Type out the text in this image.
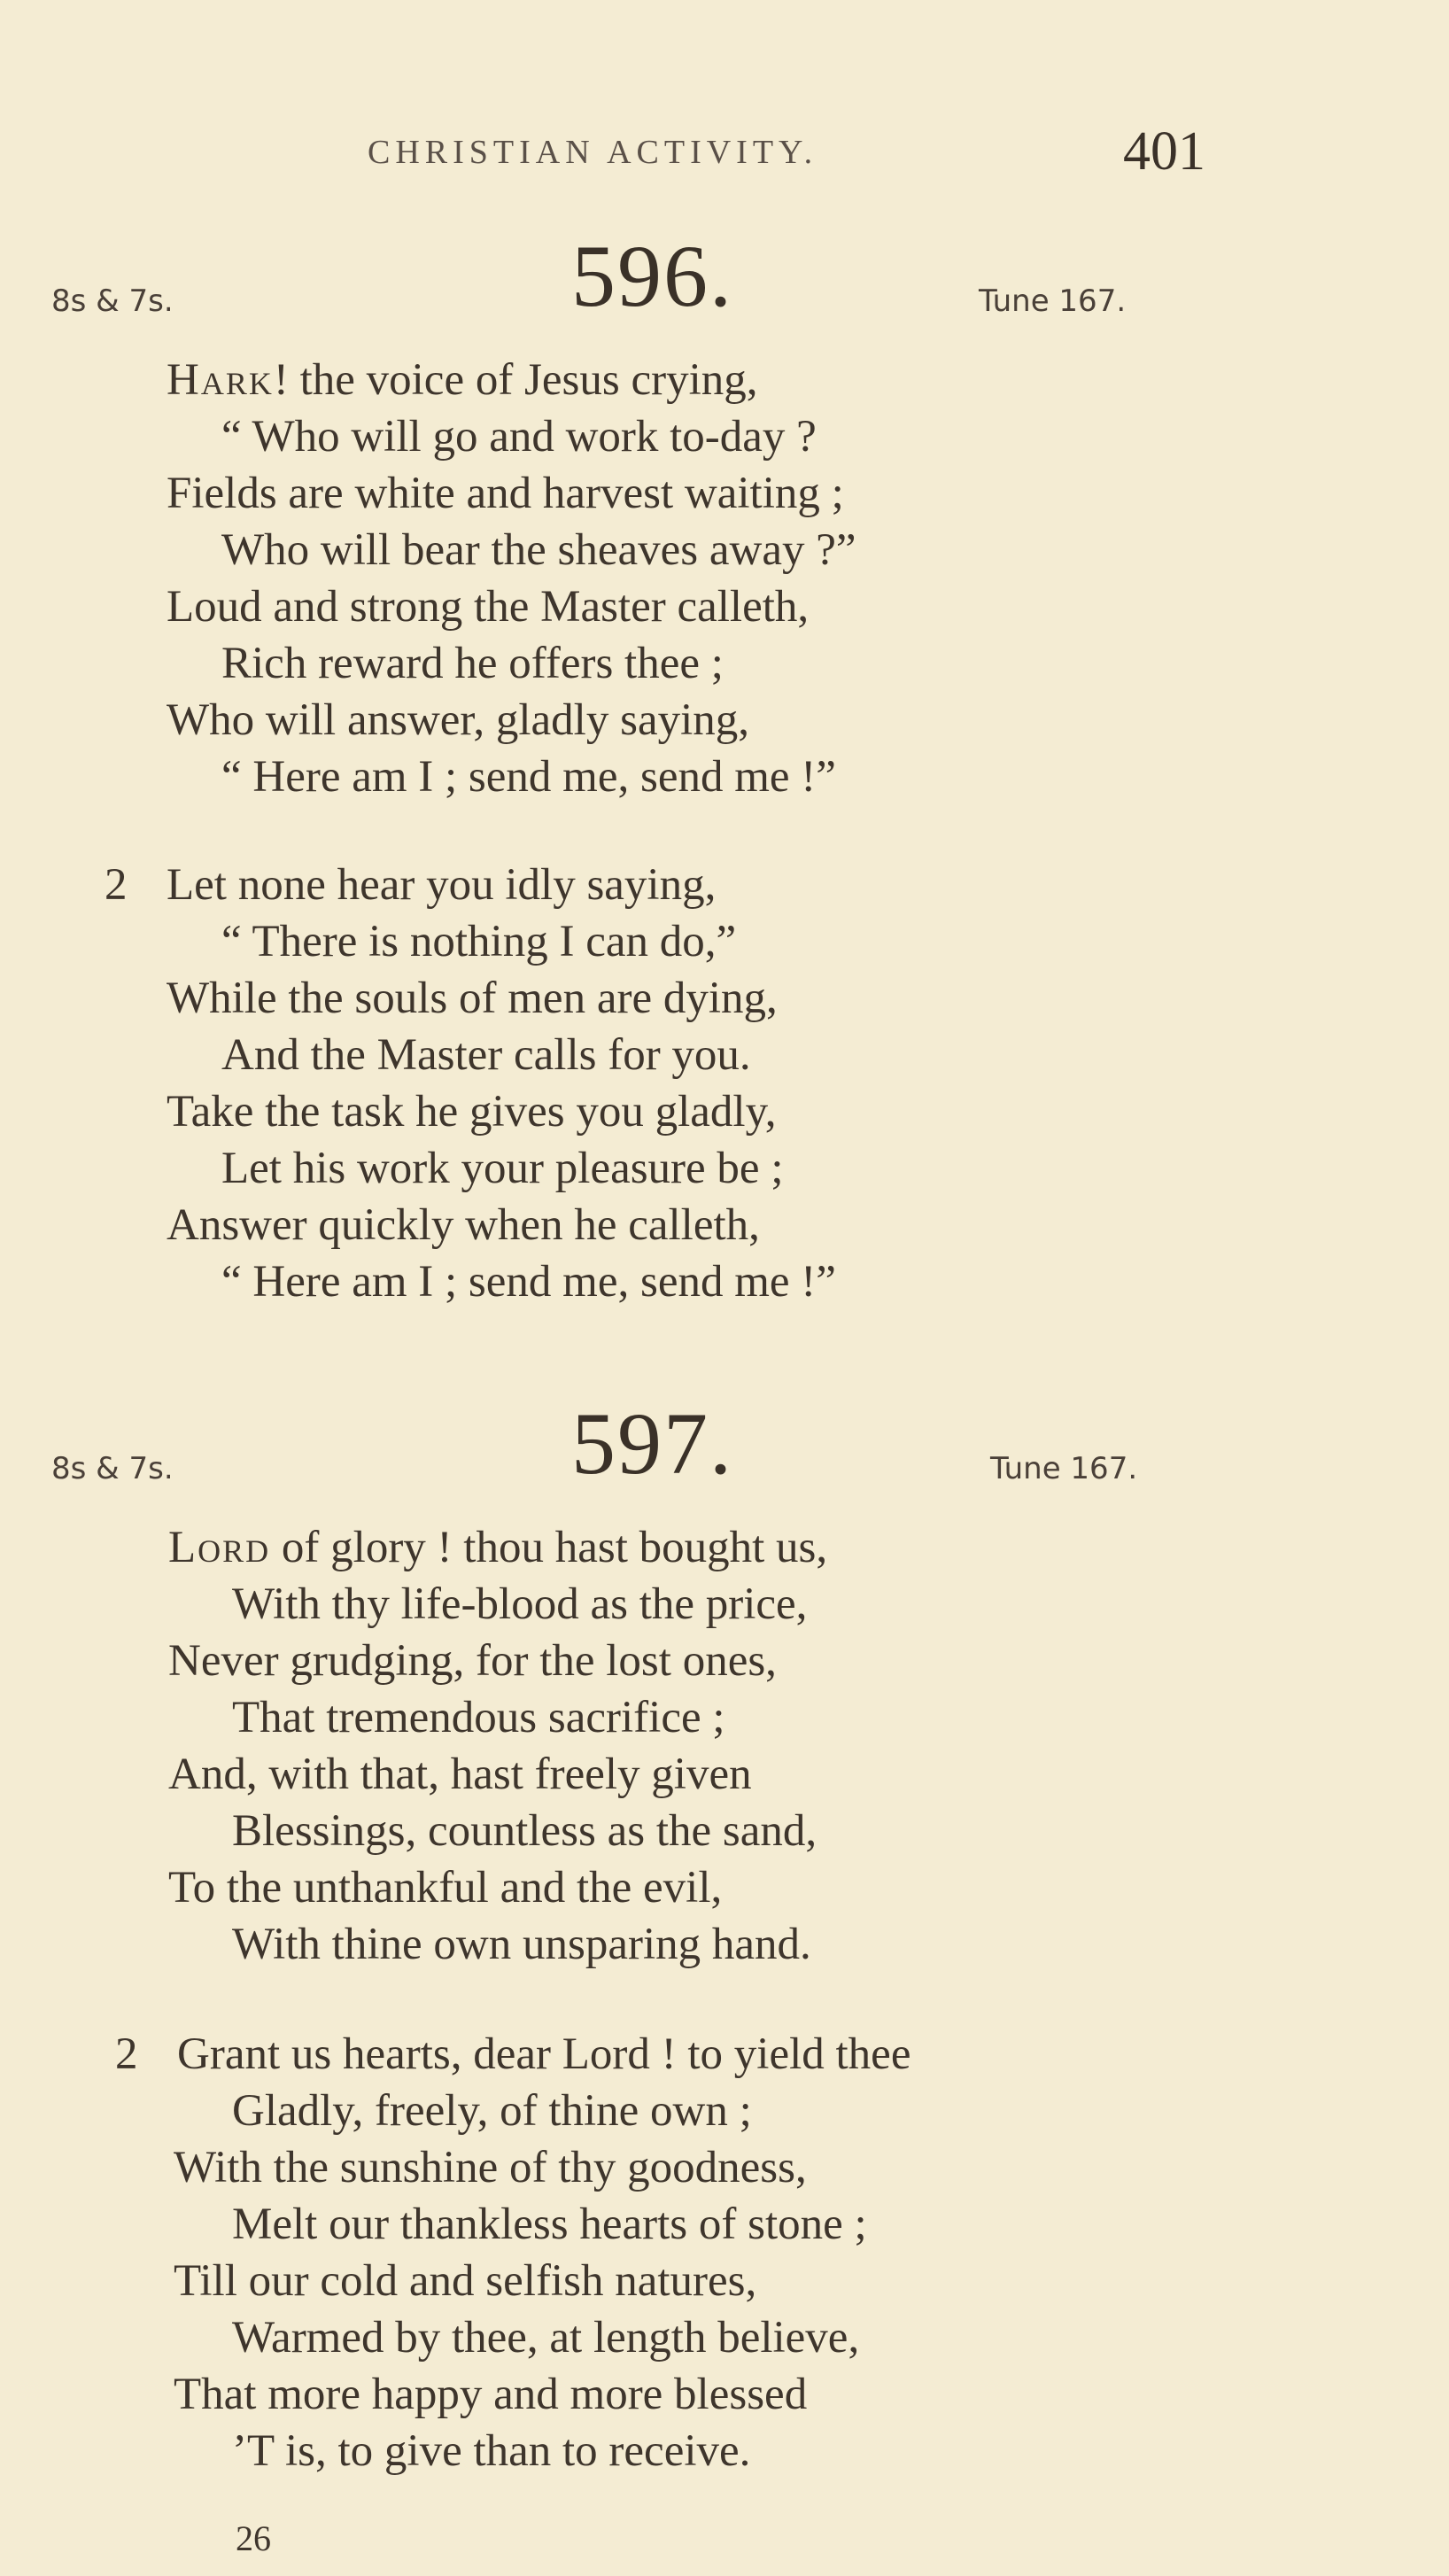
CHRISTIAN ACTIVITY.	401
8s & 7s.	596.	Tune 167.
Hark! the voice of Jesus crying,
“ Who will go and work to-day ?
Fields are white and harvest waiting ;
Who will bear the sheaves away ?”
Loud and strong the Master calleth,
Rich reward he offers thee ;
Who will answer, gladly saying,
“ Here am I ; send me, send me !”
2 Let none hear you idly saying,
“ There is nothing I can do,”
While the souls of men are dying,
And the Master calls for you.
Take the task he gives you gladly,
Let his work your pleasure be ;
Answer quickly when he calleth,
“ Here am I ; send me, send me !”
8s & 7s.	597.	Tune 167.
Lord of glory ! thou hast bought us,
With thy life-blood as the price,
Never grudging, for the lost ones,
That tremendous sacrifice ;
And, with that, hast freely given
Blessings, countless as the sand,
To the unthankful and the evil,
With thine own unsparing hand.
2 Grant us hearts, dear Lord ! to yield thee
Gladly, freely, of thine own ;
With the sunshine of thy goodness,
Melt our thankless hearts of stone ;
Till our cold and selfish natures,
Warmed by thee, at length believe,
That more happy and more blessed
’T is, to give than to receive.
26
